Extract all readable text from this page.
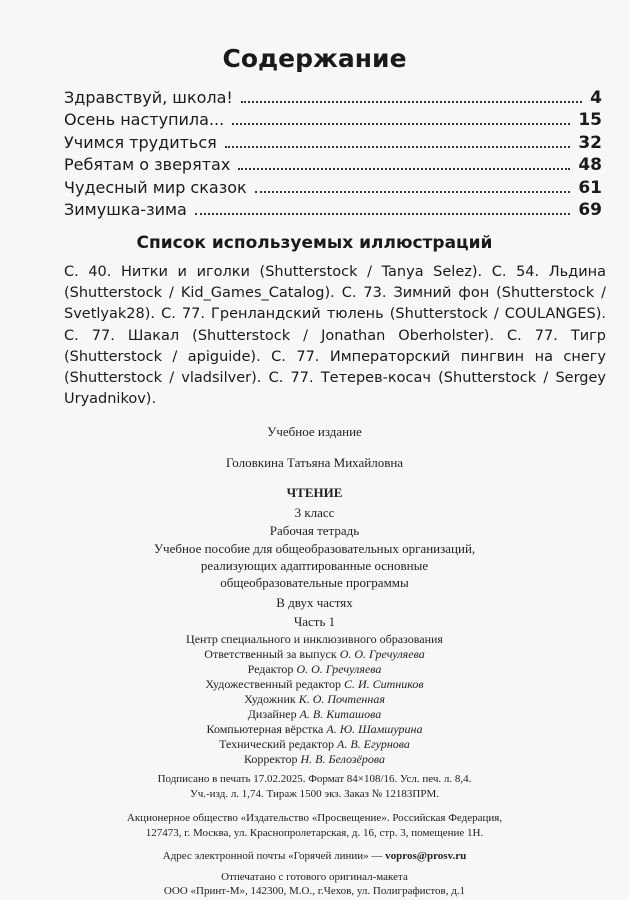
Содержание
Здравствуй, школа!	4
Осень наступила...	15
Учимся трудиться	32
Ребятам о зверятах	48
Чудесный мир сказок	61
Зимушка-зима	69
Список используемых иллюстраций

С. 40. Нитки и иголки (Shutterstock / Tanya Selez). С. 54. Льдина (Shutterstock / Kid_Games_Catalog). С. 73. Зимний фон (Shutterstock / Svetlyak28). С. 77. Гренландский тюлень (Shutterstock / COULANGES). С. 77. Шакал (Shutterstock / Jonathan Oberholster). С. 77. Тигр (Shutterstock / apiguide). С. 77. Императорский пингвин на снегу (Shutterstock / vladsilver). С. 77. Тетерев-косач (Shutterstock / Sergey Uryadnikov).

Учебное издание
Головкина Татьяна Михайловна
ЧТЕНИЕ
3 класс
Рабочая тетрадь
Учебное пособие для общеобразовательных организаций,
реализующих адаптированные основные
общеобразовательные программы
В двух частях
Часть 1
Центр специального и инклюзивного образования
Ответственный за выпуск О. О. Гречуляева
Редактор О. О. Гречуляева
Художественный редактор С. И. Ситников
Художник К. О. Почтенная
Дизайнер А. В. Киташова
Компьютерная вёрстка А. Ю. Шамшурина
Технический редактор А. В. Егурнова
Корректор Н. В. Белозёрова
Подписано в печать 17.02.2025. Формат 84×108/16. Усл. печ. л. 8,4.
Уч.-изд. л. 1,74. Тираж 1500 экз. Заказ № 12183ПРМ.
Акционерное общество «Издательство «Просвещение». Российская Федерация,
127473, г. Москва, ул. Краснопролетарская, д. 16, стр. 3, помещение 1Н.
Адрес электронной почты «Горячей линии» — vopros@prosv.ru
Отпечатано с готового оригинал-макета
ООО «Принт-М», 142300, М.О., г.Чехов, ул. Полиграфистов, д.1
